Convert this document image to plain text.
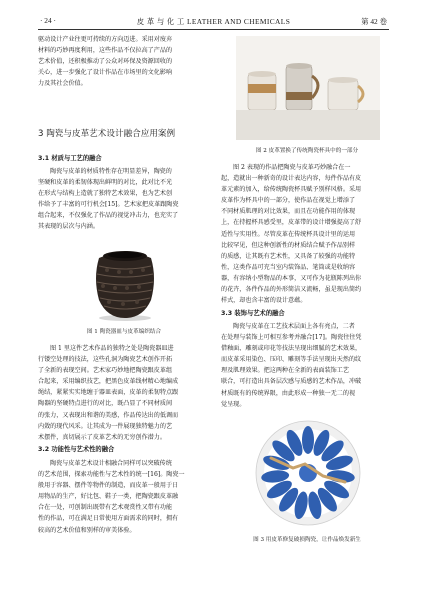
· 24 ·	皮 革 与 化 工 LEATHER AND CHEMICALS	第 42 卷

驱动设计产业往更可持续的方向迈进。采用对废弃

材料的巧妙再度利用，这些作品不仅拉高了产品的

艺术价值，还积极推动了公众对环保及资源回收的

关心，进一步强化了设计作品在市场里的文化影响

力及其社会价值。

3 陶瓷与皮革艺术设计融合应用案例

3.1 材质与工艺的融合

陶瓷与皮革的材质特性存在明显差异，陶瓷的

坚硬和皮革的柔韧体现出鲜明的对比，此对比不光

在形式与结构上造就了独特艺术效果，也为艺术创

作给予了丰富的可行机会[15]。艺术家把皮革跟陶瓷

组合起来，不仅强化了作品的视觉冲击力，也充实了

其表现的层次与内涵。

图 1 陶瓷器皿与皮革编织结合

图 1 里这件艺术作品的独特之处是陶瓷器皿进

行镂空处理的技法，这些孔洞为陶瓷艺术创作开拓

了全新的表现空间。艺术家巧妙地把陶瓷跟皮革组

合起来，采用编织技艺，把黑色皮革线材精心地编成

绳结，紧紧实实地缠于器皿表面，皮革的柔韧特点跟

陶器的坚硬特点进行的对比，既凸显了不同材质间

的张力，又表现出和谐的美感，作品传达出的低调而

内敛的现代风采。让其成为一件展现独特魅力的艺

术摆件，真切展示了皮革艺术的无穷创作潜力。

3.2 功能性与艺术性的融合

陶瓷与皮革艺术设计相融合同样可以突破传统

的艺术范围，探索功能性与艺术性的统一[16]。陶瓷一

般用于容器、摆件等物件的制造，而皮革一般用于日

用物品的生产，好比包、鞋子一类，把陶瓷跟皮革融

合在一处，可创制出既带有艺术观赏性又带有功能

性的作品，可在满足日常使用方面需求的同时，拥有

较高的艺术价值和别样的审美体验。

图 2 皮革置换了传统陶瓷杯具中的一部分

图 2 表现的作品把陶瓷与皮革巧妙融合在一

起，造就出一种新奇的设计表达内容，每件作品有皮

革元素的加入，给传统陶瓷杯具赋予别样风格。采用

皮革作为杯具中的一部分，使作品在视觉上增添了

不同材质肌理的对比效果，而且在功能作用的体现

上，在持握杯具感受里，皮革带的设计增强提高了舒

适性与实用性。尽管皮革在传统杯具设计里的运用

比较罕见，但这种创新性的材质结合赋予作品别样

的质感，让其既有艺术性，又具备了较强的功能特

性，这类作品可充当室内装饰品、笔筒或是收纳容

器，有容纳小型物品的本事，又可作为花瓶陈列出你

的花卉，各件作品的外形简洁又流畅，虽是现出简约

样式，却也含丰富的设计意蕴。

3.3 装饰与艺术的融合

陶瓷与皮革在工艺技术层面上各有亮点，二者

在处理与装饰上可相互参考并融合[17]。陶瓷往往凭

借釉面、雕刻或印花等技法呈现出细腻的艺术效果，

而皮革采用染色、压印、雕刻等手法呈现出天然的纹

理及肌理效果。把这两种在全新的表面装饰工艺

联合，可打造出具备层次感与质感的艺术作品，冲破

材质既有的传统界限，由此形成一种独一无二的视

觉呈现。

图 3 用皮革修复破损陶瓷，让作品焕发新生
